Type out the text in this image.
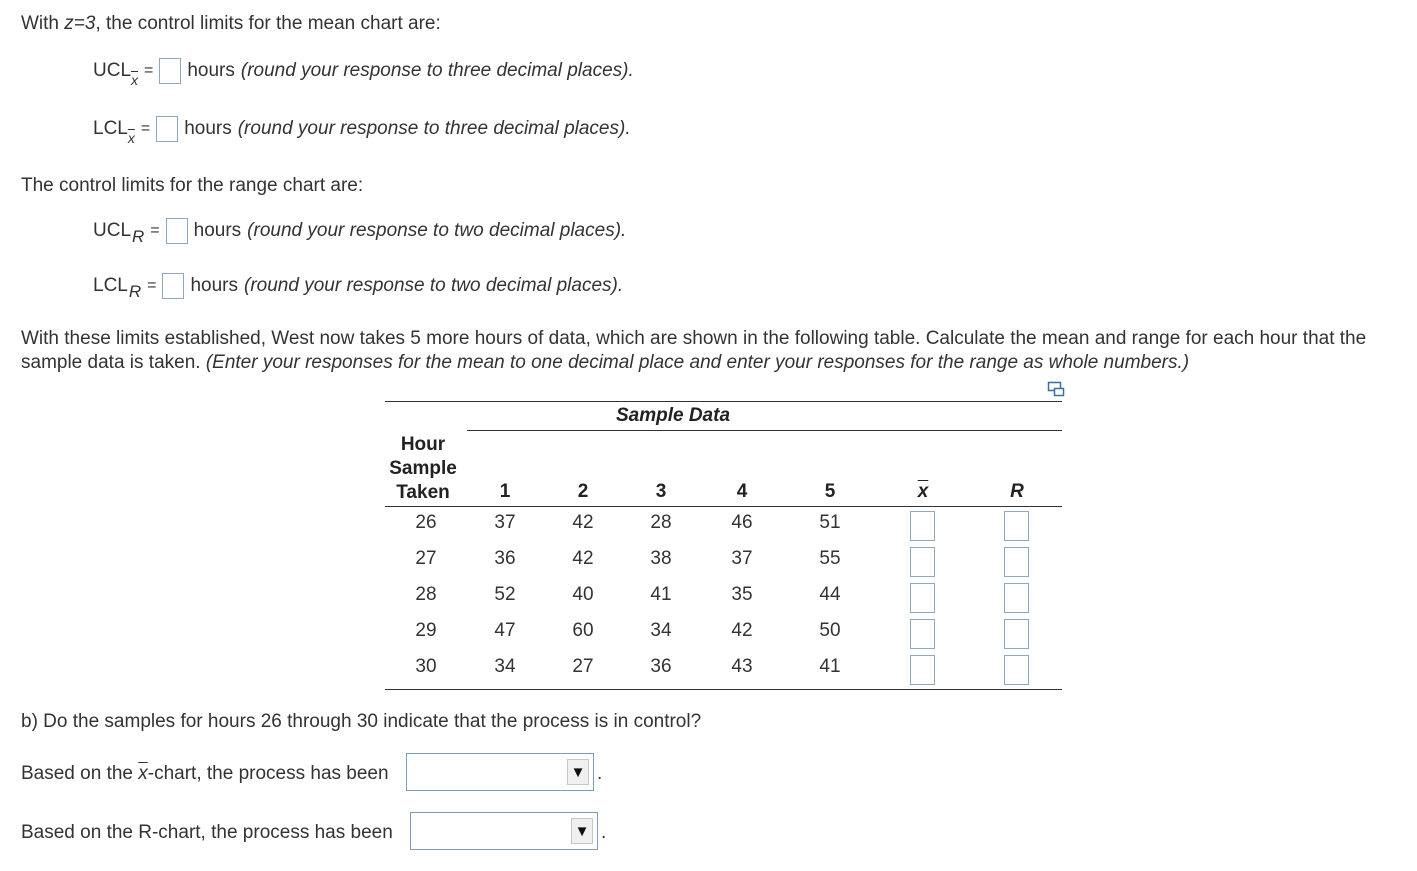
With z=3, the control limits for the mean chart are:
$UCL_{\overline{x}}$
= hours (round your response to three decimal places).
$LCL_{\overline{x}}$
= hours (round your response to three decimal places).
The control limits for the range chart are:
UCLR = hours (round your response to two decimal places).
LCLR = hours (round your response to two decimal places).
With these limits established, West now takes 5 more hours of data, which are shown in the following table. Calculate the mean and range for each hour that the sample data is taken. (Enter your responses for the mean to one decimal place and enter your responses for the range as whole numbers.)
Sample Data
Hour
Sample
Taken	1	2	3	4	5	$\overline{x}$	R
26	37	42	28	46	51
27	36	42	38	37	55
28	52	40	41	35	44
29	47	60	34	42	50
30	34	27	36	43	41
b) Do the samples for hours 26 through 30 indicate that the process is in control?
Based on the $\overline{x}$-chart, the process has been	▼ .
Based on the R-chart, the process has been	▼ .
